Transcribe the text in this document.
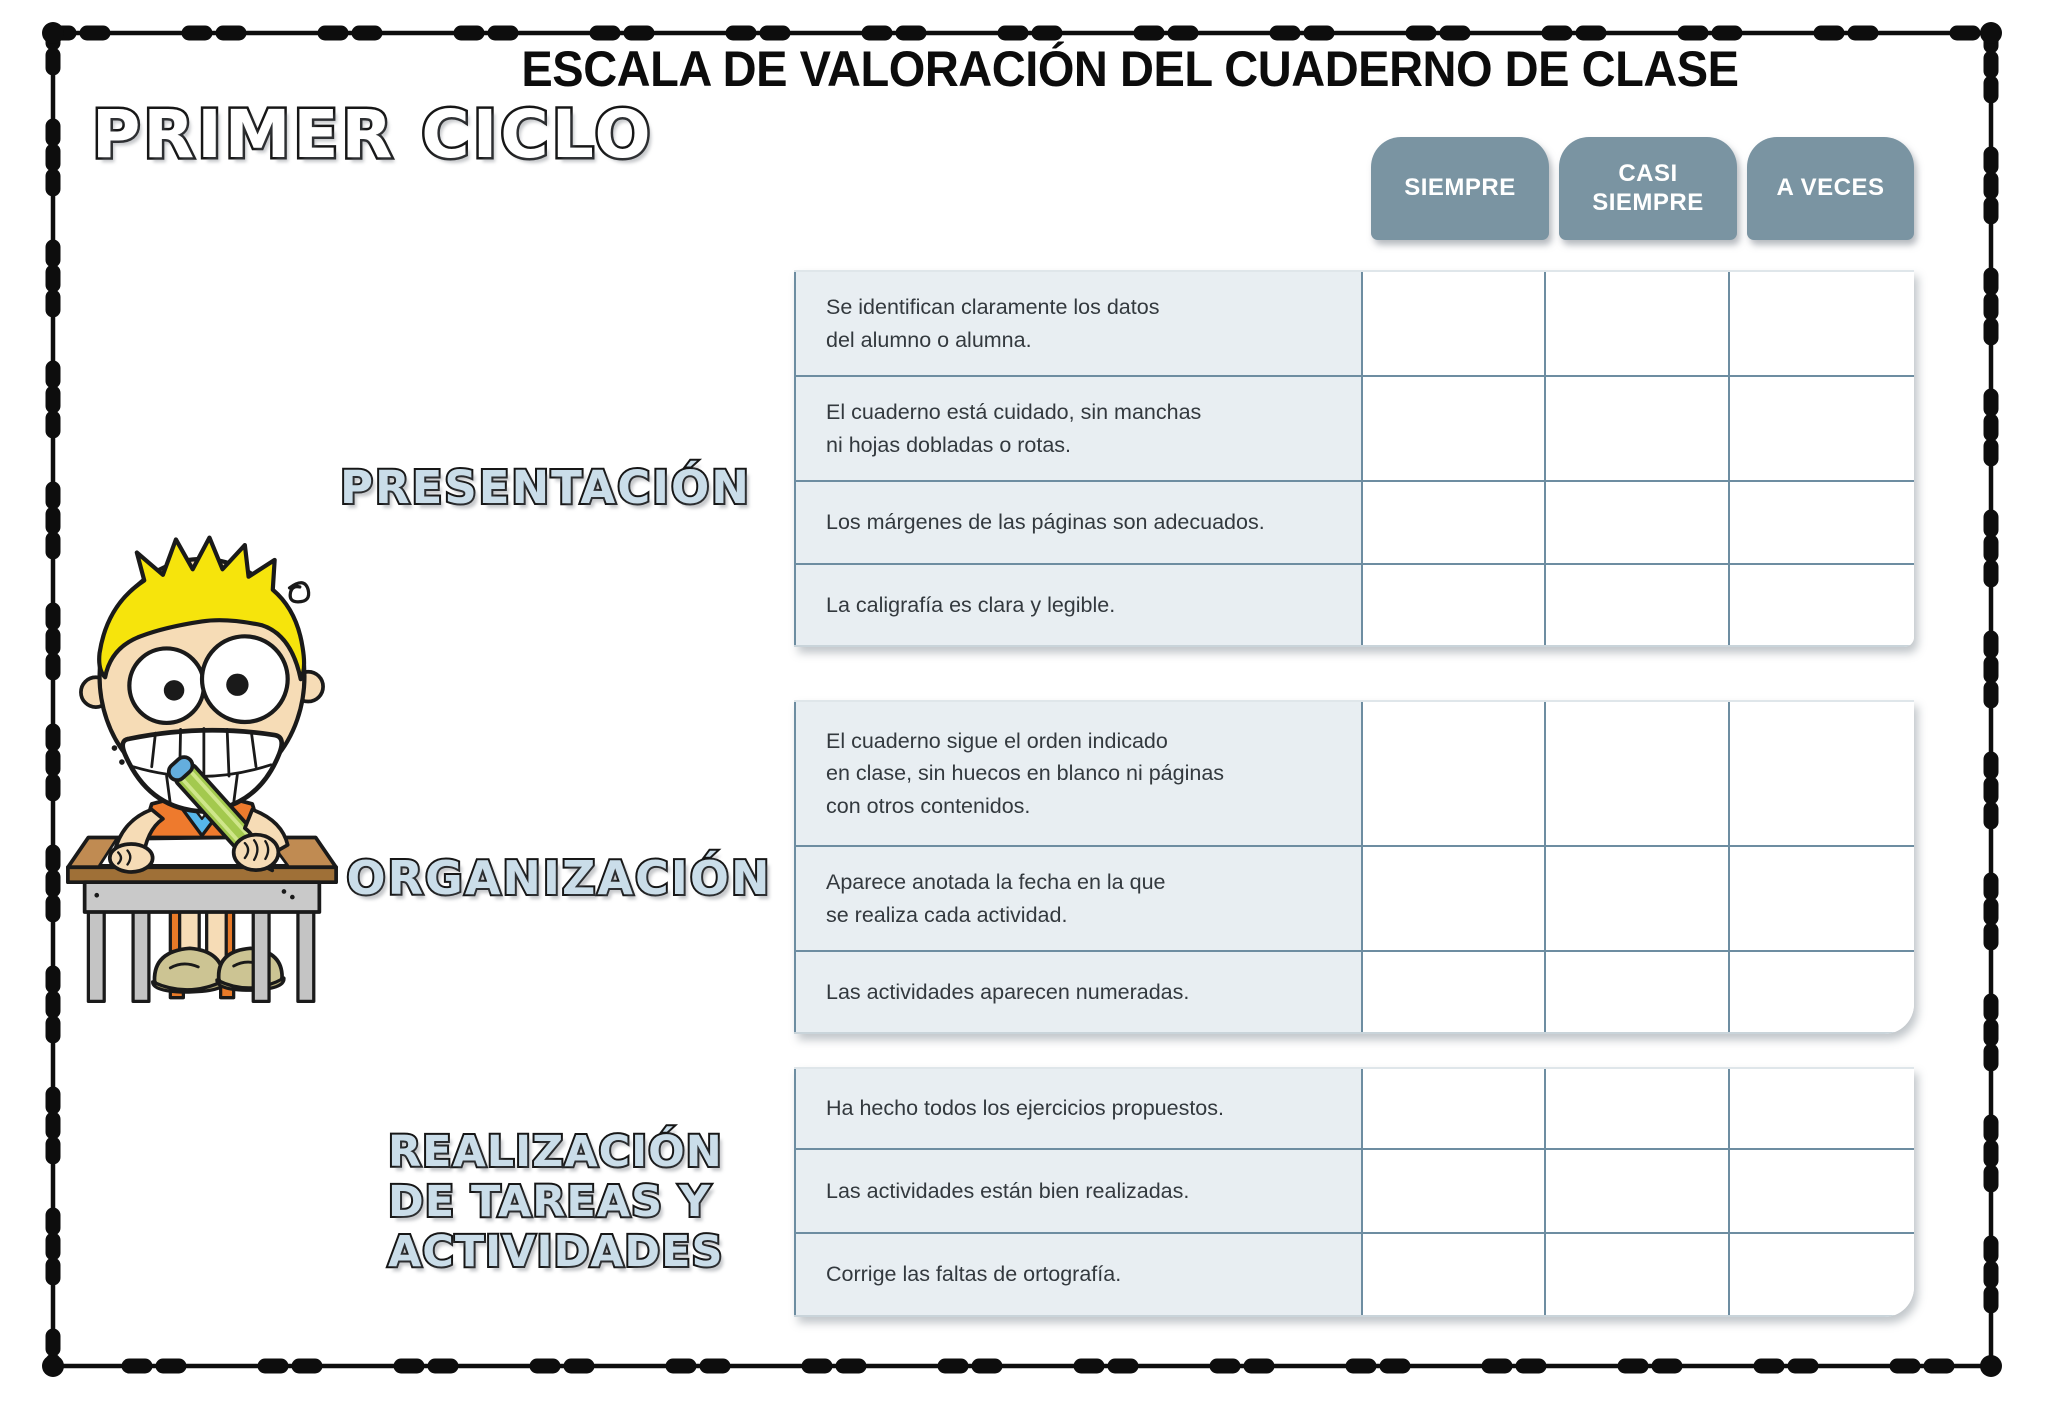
ESCALA DE VALORACIÓN DEL CUADERNO DE CLASE
PRIMER CICLO
SIEMPRE
CASI SIEMPRE
A VECES
PRESENTACIÓN
ORGANIZACIÓN
REALIZACIÓN
DE TAREAS Y
ACTIVIDADES
Se identifican claramente los datos
del alumno o alumna.
El cuaderno está cuidado, sin manchas
ni hojas dobladas o rotas.
Los márgenes de las páginas son adecuados.
La caligrafía es clara y legible.
El cuaderno sigue el orden indicado
en clase, sin huecos en blanco ni páginas
con otros contenidos.
Aparece anotada la fecha en la que
se realiza cada actividad.
Las actividades aparecen numeradas.
Ha hecho todos los ejercicios propuestos.
Las actividades están bien realizadas.
Corrige las faltas de ortografía.
